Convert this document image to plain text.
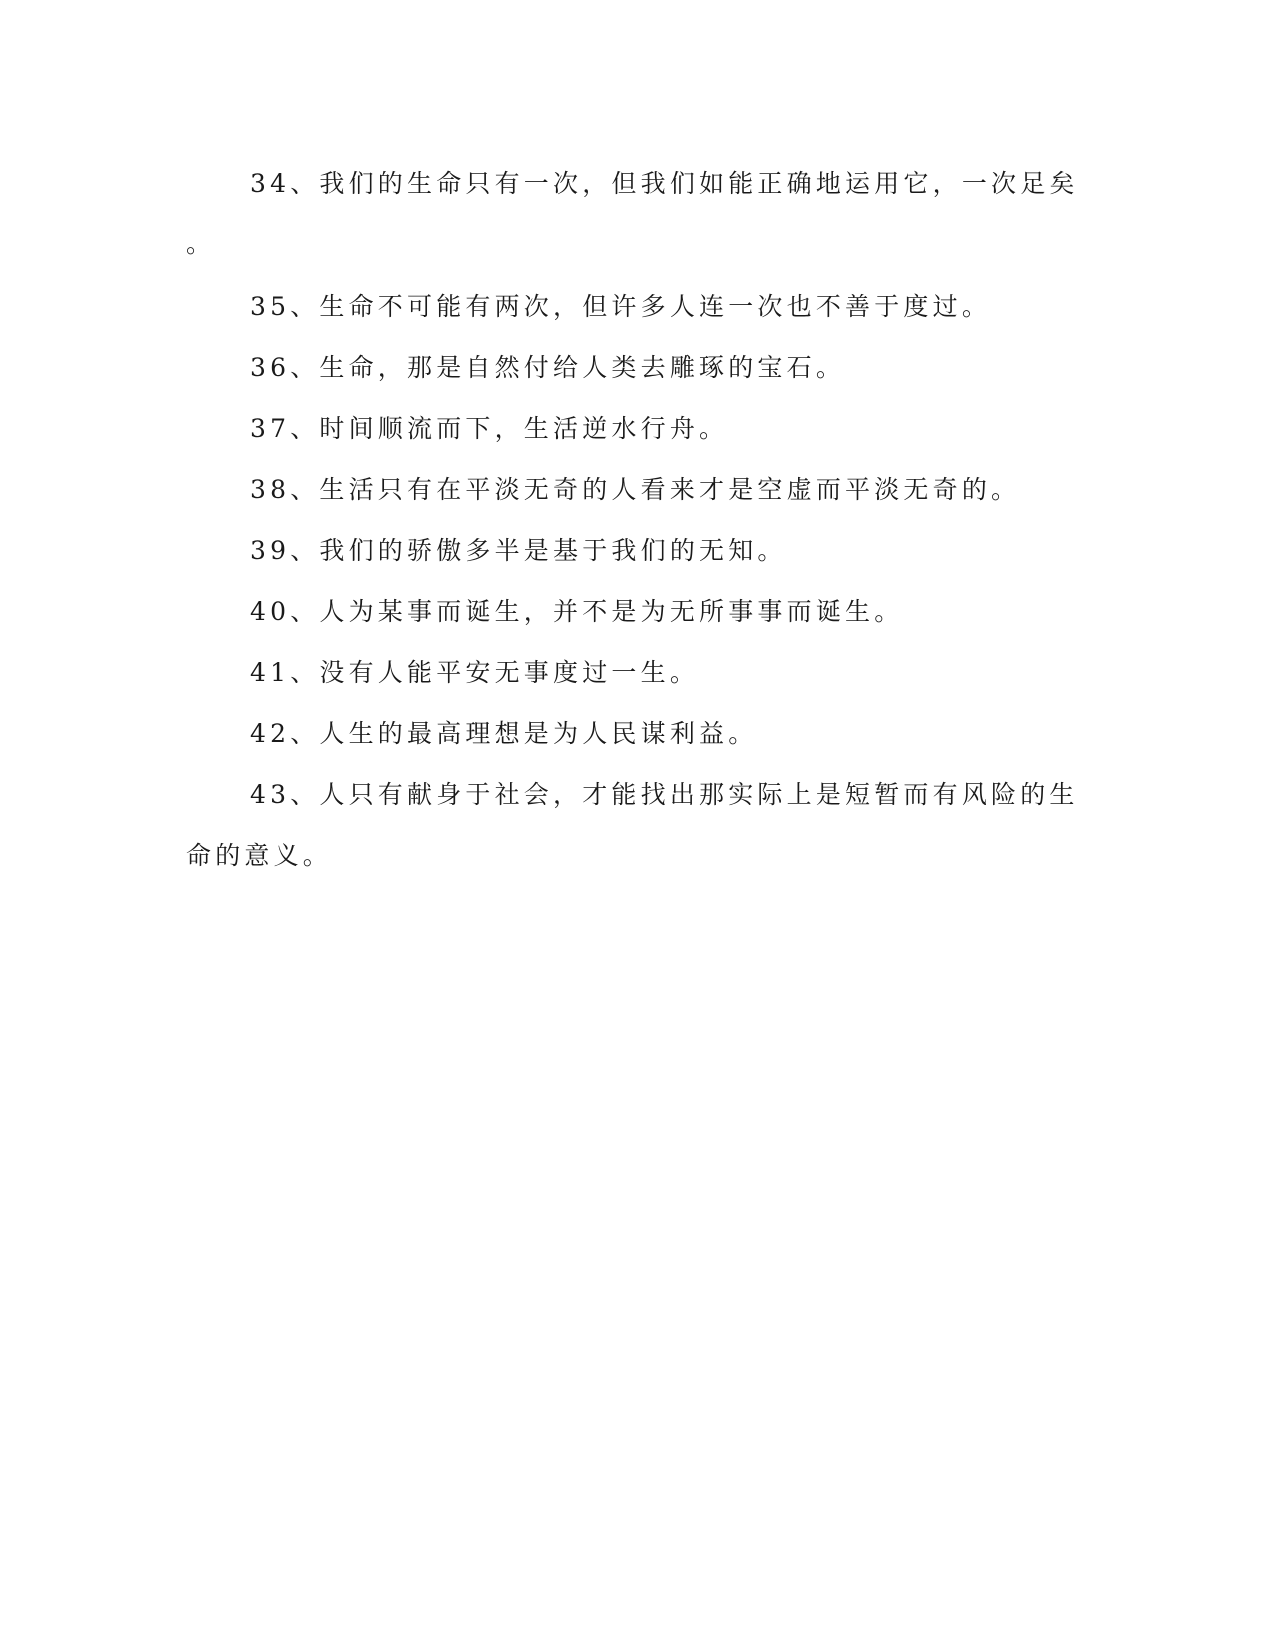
34、我们的生命只有一次，但我们如能正确地运用它，一次足矣
。
35、生命不可能有两次，但许多人连一次也不善于度过。
36、生命，那是自然付给人类去雕琢的宝石。
37、时间顺流而下，生活逆水行舟。
38、生活只有在平淡无奇的人看来才是空虚而平淡无奇的。
39、我们的骄傲多半是基于我们的无知。
40、人为某事而诞生，并不是为无所事事而诞生。
41、没有人能平安无事度过一生。
42、人生的最高理想是为人民谋利益。
43、人只有献身于社会，才能找出那实际上是短暂而有风险的生
命的意义。
